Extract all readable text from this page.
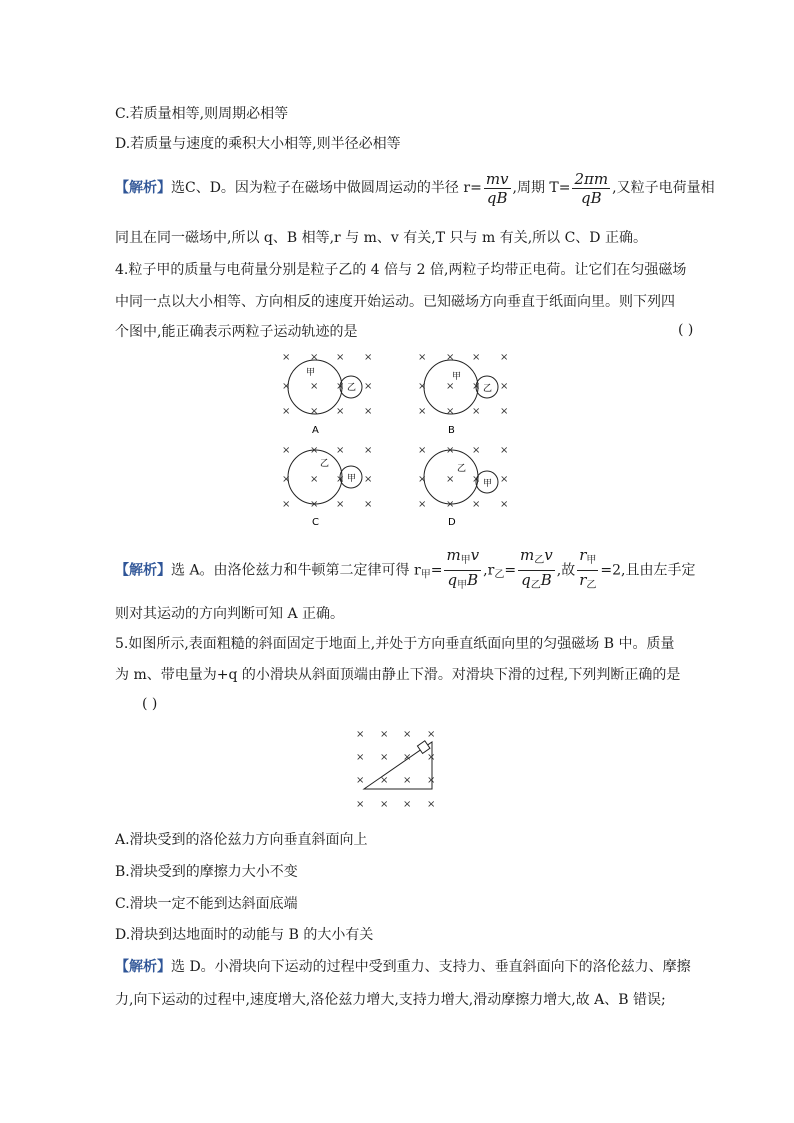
C.若质量相等,则周期必相等
D.若质量与速度的乘积大小相等,则半径必相等
【解析】选C、D。因为粒子在磁场中做圆周运动的半径 $r= \frac{mv}{qB}$ ,周期 $T= \frac{2\pi m}{qB}$ ,又粒子电荷量相
同且在同一磁场中,所以 q、B 相等,r 与 m、v 有关,T 只与 m 有关,所以 C、D 正确。
4.粒子甲的质量与电荷量分别是粒子乙的 4 倍与 2 倍,两粒子均带正电荷。让它们在匀强磁场
中同一点以大小相等、方向相反的速度开始运动。已知磁场方向垂直于纸面向里。则下列四
个图中,能正确表示两粒子运动轨迹的是	( )
× × × ×
× × × ×
× × × ×
× × × ×
× × × ×
× × × ×
× × × ×
× × × ×
× × × ×
× × × ×
× × × ×
× × × ×
甲
乙
A
甲
乙
B
乙
甲
C
乙
甲
D
【解析】选 A。由洛伦兹力和牛顿第二定律可得 $r_甲= \frac{m_甲v}{q_甲B} ,r_乙= \frac{m_乙v}{q_乙B}$ ,故 $\frac{r_甲}{r_乙} =2$,且由左手定
则对其运动的方向判断可知 A 正确。
5.如图所示,表面粗糙的斜面固定于地面上,并处于方向垂直纸面向里的匀强磁场 B 中。质量
为 m、带电量为+q 的小滑块从斜面顶端由静止下滑。对滑块下滑的过程,下列判断正确的是
( )
× × × ×
× × × ×
× × × ×
× × × ×
A.滑块受到的洛伦兹力方向垂直斜面向上
B.滑块受到的摩擦力大小不变
C.滑块一定不能到达斜面底端
D.滑块到达地面时的动能与 B 的大小有关
【解析】选 D。小滑块向下运动的过程中受到重力、支持力、垂直斜面向下的洛伦兹力、摩擦
力,向下运动的过程中,速度增大,洛伦兹力增大,支持力增大,滑动摩擦力增大,故 A、B 错误;
